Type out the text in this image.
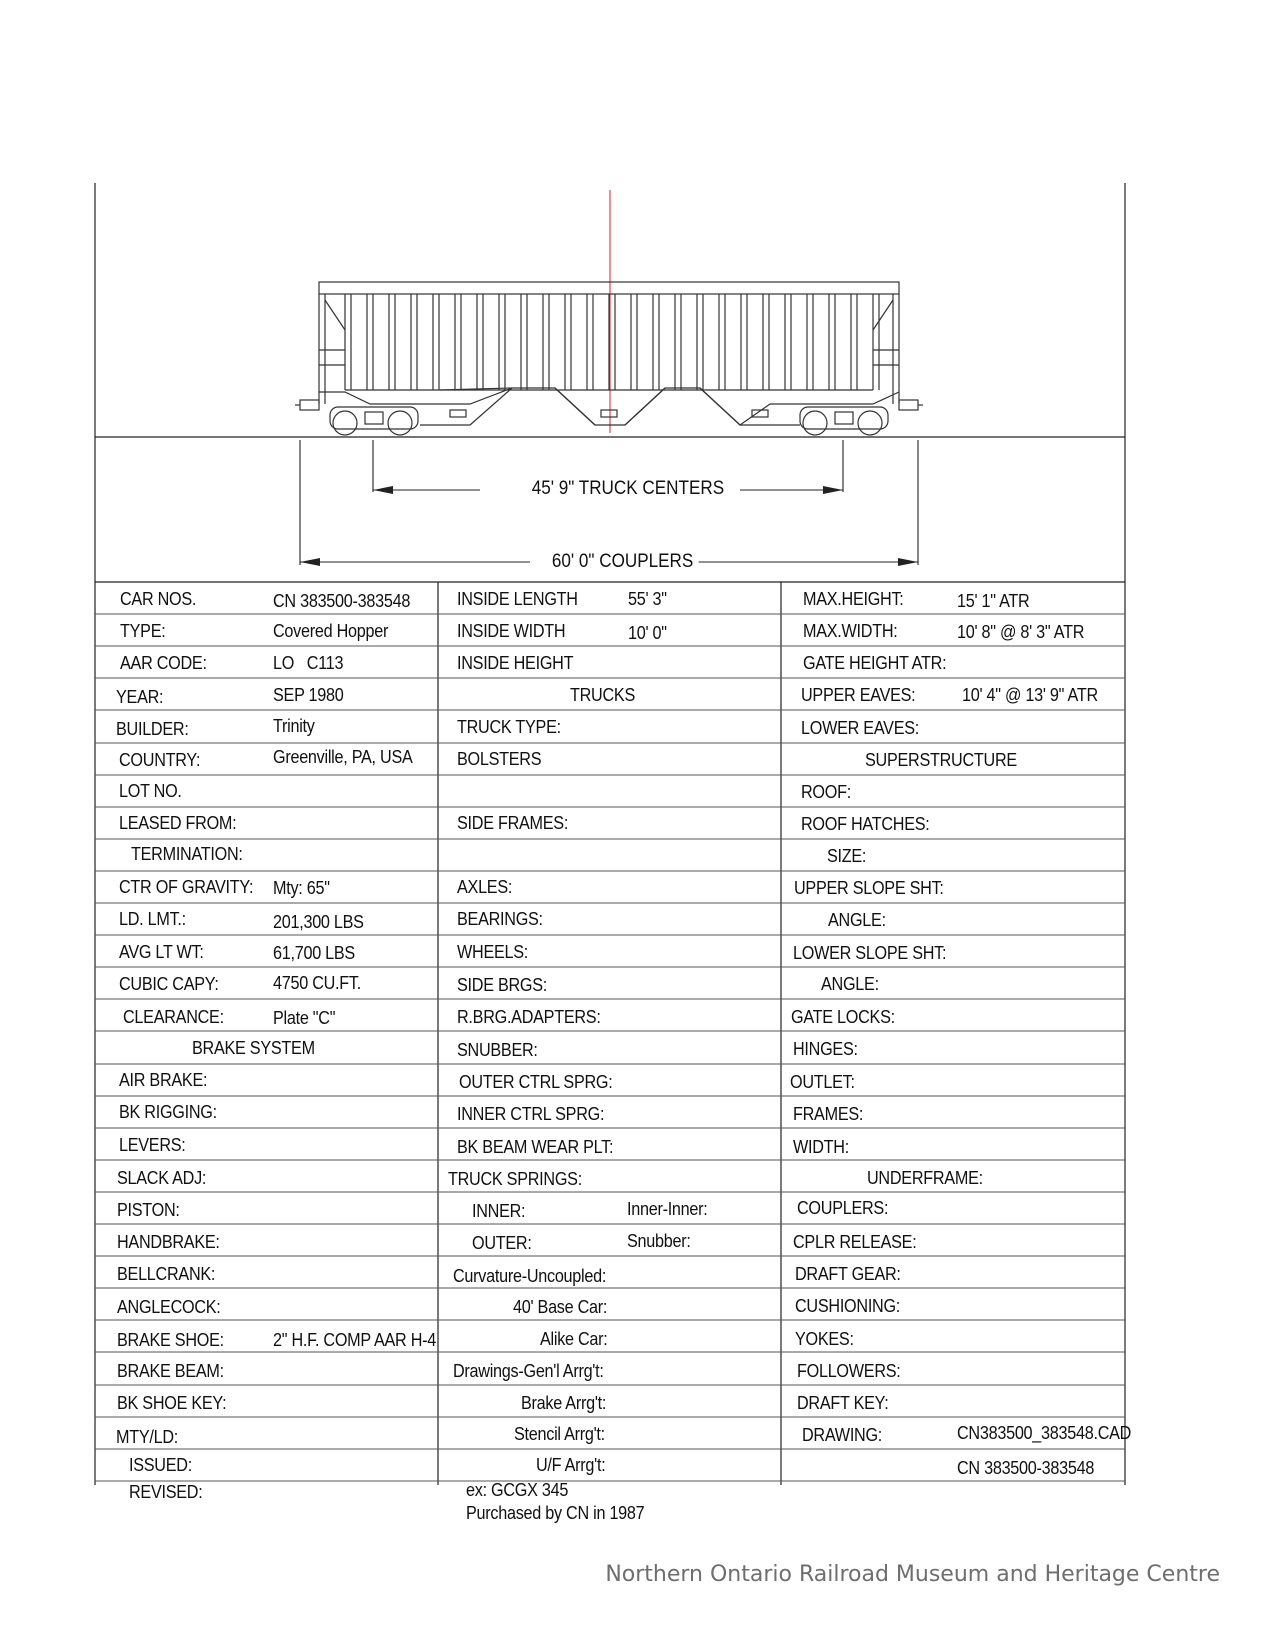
45' 9" TRUCK CENTERS
60' 0" COUPLERS
CAR NOS.	CN 383500-383548
TYPE:	Covered Hopper
AAR CODE:	LO   C113
YEAR:	SEP 1980
BUILDER:	Trinity
COUNTRY:	Greenville, PA, USA
LOT NO.
LEASED FROM:
TERMINATION:
CTR OF GRAVITY: Mty: 65"
LD. LMT.:	201,300 LBS
AVG LT WT:	61,700 LBS
CUBIC CAPY:	4750 CU.FT.
CLEARANCE:	Plate "C"
BRAKE SYSTEM
AIR BRAKE:
BK RIGGING:
LEVERS:
SLACK ADJ:
PISTON:
HANDBRAKE:
BELLCRANK:
ANGLECOCK:
BRAKE SHOE:	2" H.F. COMP AAR H-4
BRAKE BEAM:
BK SHOE KEY:
MTY/LD:
ISSUED:
REVISED:
INSIDE LENGTH	55' 3"
INSIDE WIDTH	10' 0"
INSIDE HEIGHT
TRUCKS
TRUCK TYPE:
BOLSTERS
SIDE FRAMES:
AXLES:
BEARINGS:
WHEELS:
SIDE BRGS:
R.BRG.ADAPTERS:
SNUBBER:
OUTER CTRL SPRG:
INNER CTRL SPRG:
BK BEAM WEAR PLT:
TRUCK SPRINGS:
INNER:	Inner-Inner:
OUTER:	Snubber:
Curvature-Uncoupled:
40' Base Car:
Alike Car:
Drawings-Gen'l Arrg't:
Brake Arrg't:
Stencil Arrg't:
U/F Arrg't:
ex: GCGX 345
Purchased by CN in 1987
MAX.HEIGHT:	15' 1" ATR
MAX.WIDTH:	10' 8" @ 8' 3" ATR
GATE HEIGHT ATR:
UPPER EAVES:	10' 4" @ 13' 9" ATR
LOWER EAVES:
SUPERSTRUCTURE
ROOF:
ROOF HATCHES:
SIZE:
UPPER SLOPE SHT:
ANGLE:
LOWER SLOPE SHT:
ANGLE:
GATE LOCKS:
HINGES:
OUTLET:
FRAMES:
WIDTH:
UNDERFRAME:
COUPLERS:
CPLR RELEASE:
DRAFT GEAR:
CUSHIONING:
YOKES:
FOLLOWERS:
DRAFT KEY:
DRAWING:	CN383500_383548.CAD
CN 383500-383548
Northern Ontario Railroad Museum and Heritage Centre
